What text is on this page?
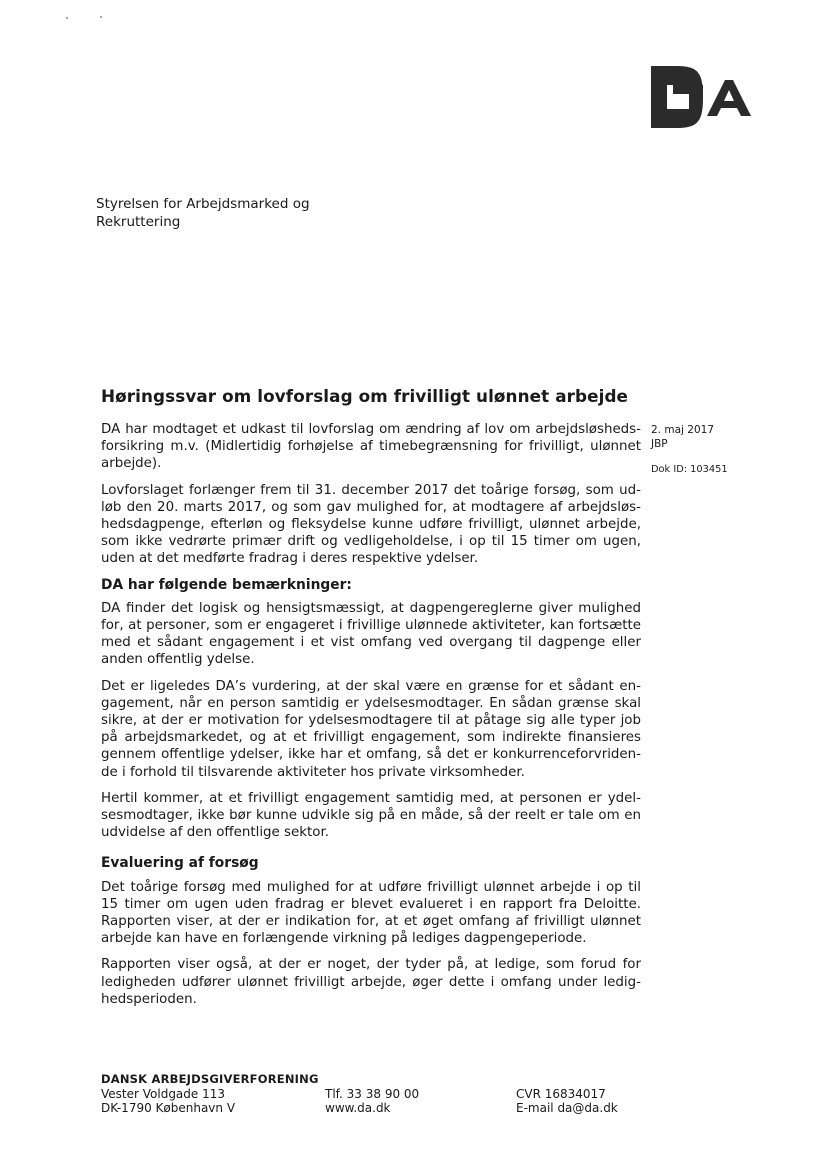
Styrelsen for Arbejdsmarked og
Rekruttering
Høringssvar om lovforslag om frivilligt ulønnet arbejde
2. maj 2017
JBP
Dok ID: 103451

DA har modtaget et udkast til lovforslag om ændring af lov om arbejdsløshedsforsikring m.v. (Midlertidig forhøjelse af timebegrænsning for frivilligt, ulønnet arbejde).

Lovforslaget forlænger frem til 31. december 2017 det toårige forsøg, som udløb den 20. marts 2017, og som gav mulighed for, at modtagere af arbejdsløshedsdagpenge, efterløn og fleksydelse kunne udføre frivilligt, ulønnet arbejde, som ikke vedrørte primær drift og vedligeholdelse, i op til 15 timer om ugen, uden at det medførte fradrag i deres respektive ydelser.

DA har følgende bemærkninger:

DA finder det logisk og hensigtsmæssigt, at dagpengereglerne giver mulighed for, at personer, som er engageret i frivillige ulønnede aktiviteter, kan fortsætte med et sådant engagement i et vist omfang ved overgang til dagpenge eller anden offentlig ydelse.

Det er ligeledes DA’s vurdering, at der skal være en grænse for et sådant engagement, når en person samtidig er ydelsesmodtager. En sådan grænse skal sikre, at der er motivation for ydelsesmodtagere til at påtage sig alle typer job på arbejdsmarkedet, og at et frivilligt engagement, som indirekte finansieres gennem offentlige ydelser, ikke har et omfang, så det er konkurrenceforvridende i forhold til tilsvarende aktiviteter hos private virksomheder.

Hertil kommer, at et frivilligt engagement samtidig med, at personen er ydelsesmodtager, ikke bør kunne udvikle sig på en måde, så der reelt er tale om en udvidelse af den offentlige sektor.

Evaluering af forsøg

Det toårige forsøg med mulighed for at udføre frivilligt ulønnet arbejde i op til 15 timer om ugen uden fradrag er blevet evalueret i en rapport fra Deloitte. Rapporten viser, at der er indikation for, at et øget omfang af frivilligt ulønnet arbejde kan have en forlængende virkning på lediges dagpengeperiode.

Rapporten viser også, at der er noget, der tyder på, at ledige, som forud for ledigheden udfører ulønnet frivilligt arbejde, øger dette i omfang under ledighedsperioden.

DANSK ARBEJDSGIVERFORENING
Vester Voldgade 113
DK-1790 København V
Tlf. 33 38 90 00
www.da.dk
CVR 16834017
E-mail da@da.dk
